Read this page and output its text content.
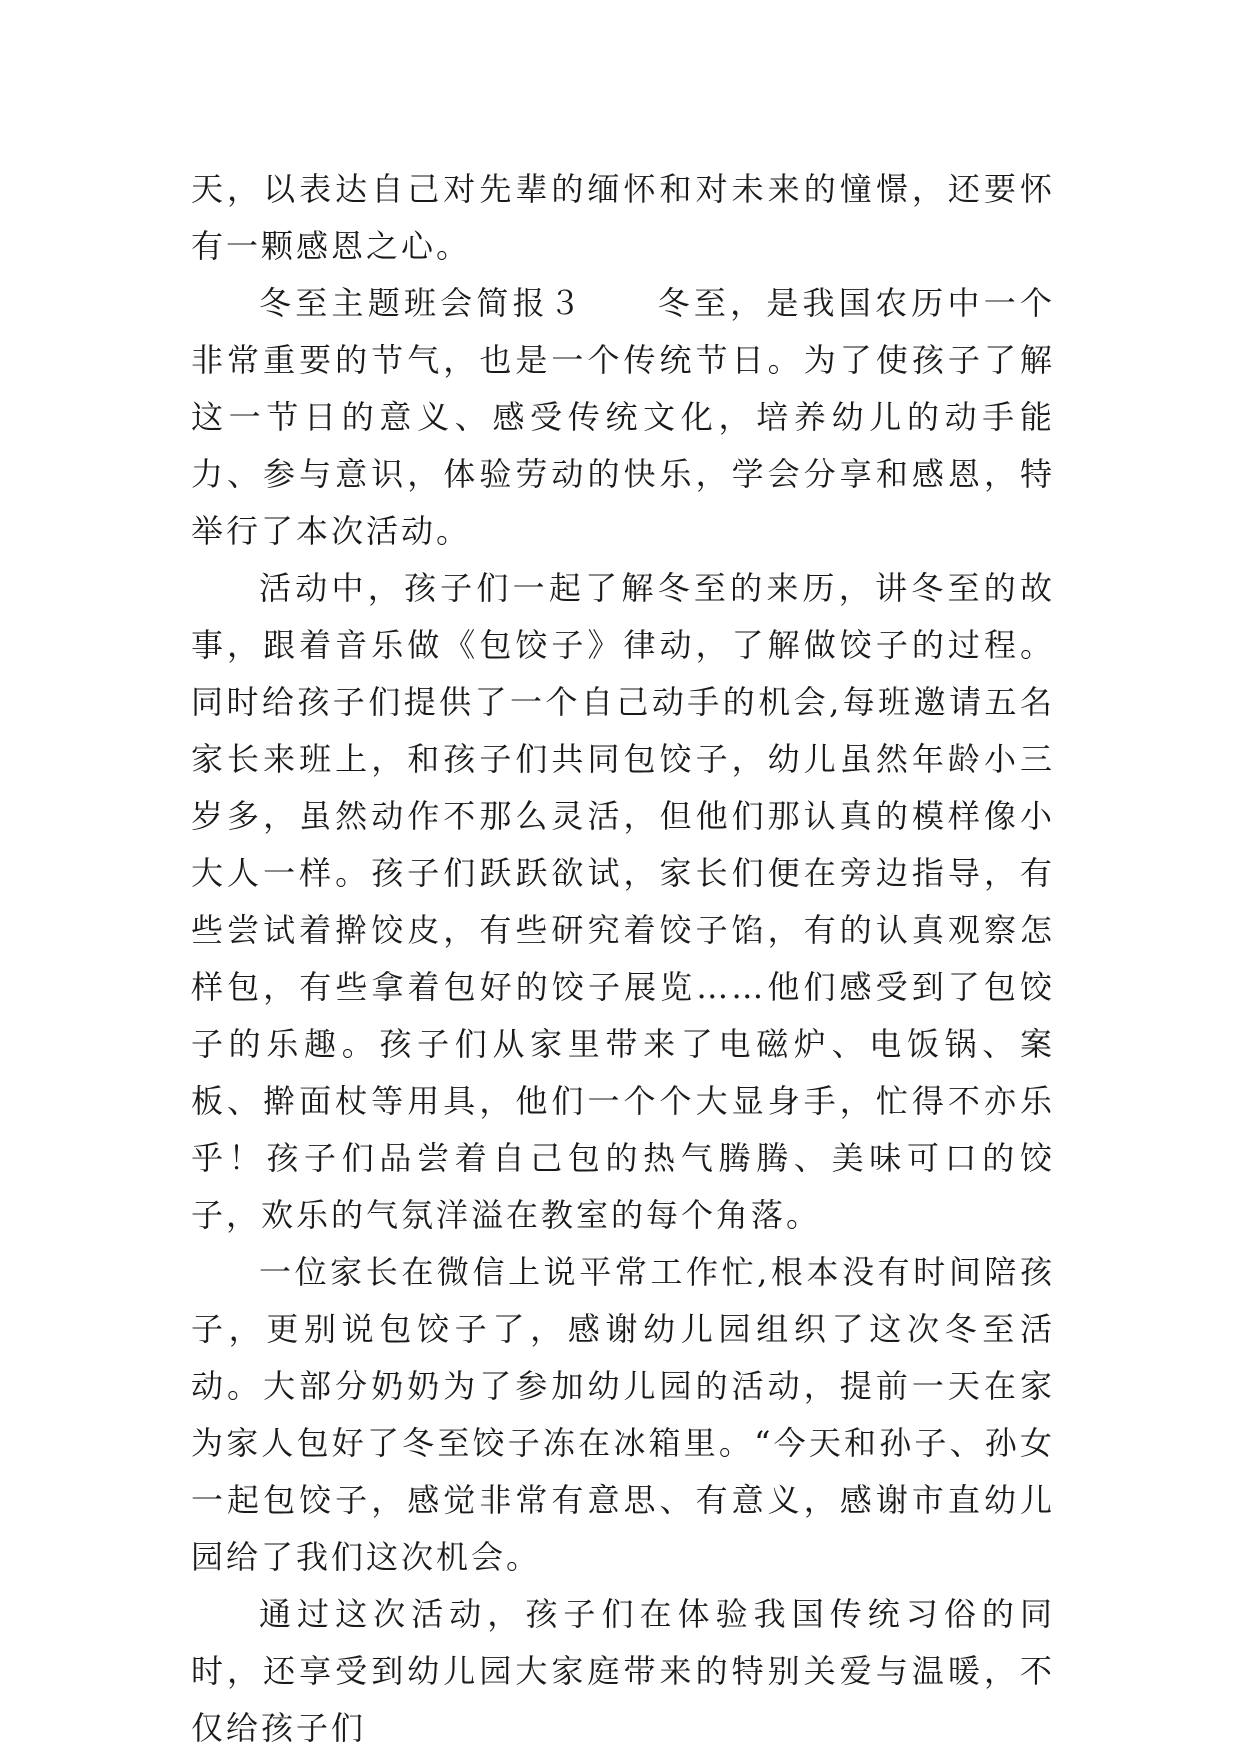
天，以表达自己对先辈的缅怀和对未来的憧憬，还要怀有一颗感恩之心。

冬至主题班会简报３　　冬至，是我国农历中一个非常重要的节气，也是一个传统节日。为了使孩子了解这一节日的意义、感受传统文化，培养幼儿的动手能力、参与意识，体验劳动的快乐，学会分享和感恩，特举行了本次活动。

活动中，孩子们一起了解冬至的来历，讲冬至的故事，跟着音乐做《包饺子》律动，了解做饺子的过程。同时给孩子们提供了一个自己动手的机会,每班邀请五名家长来班上，和孩子们共同包饺子，幼儿虽然年龄小三岁多，虽然动作不那么灵活，但他们那认真的模样像小大人一样。孩子们跃跃欲试，家长们便在旁边指导，有些尝试着擀饺皮，有些研究着饺子馅，有的认真观察怎样包，有些拿着包好的饺子展览……他们感受到了包饺子的乐趣。孩子们从家里带来了电磁炉、电饭锅、案板、擀面杖等用具，他们一个个大显身手，忙得不亦乐乎！孩子们品尝着自己包的热气腾腾、美味可口的饺子，欢乐的气氛洋溢在教室的每个角落。

一位家长在微信上说平常工作忙,根本没有时间陪孩子，更别说包饺子了，感谢幼儿园组织了这次冬至活动。大部分奶奶为了参加幼儿园的活动，提前一天在家为家人包好了冬至饺子冻在冰箱里。“今天和孙子、孙女一起包饺子，感觉非常有意思、有意义，感谢市直幼儿园给了我们这次机会。

通过这次活动，孩子们在体验我国传统习俗的同时，还享受到幼儿园大家庭带来的特别关爱与温暖，不仅给孩子们
